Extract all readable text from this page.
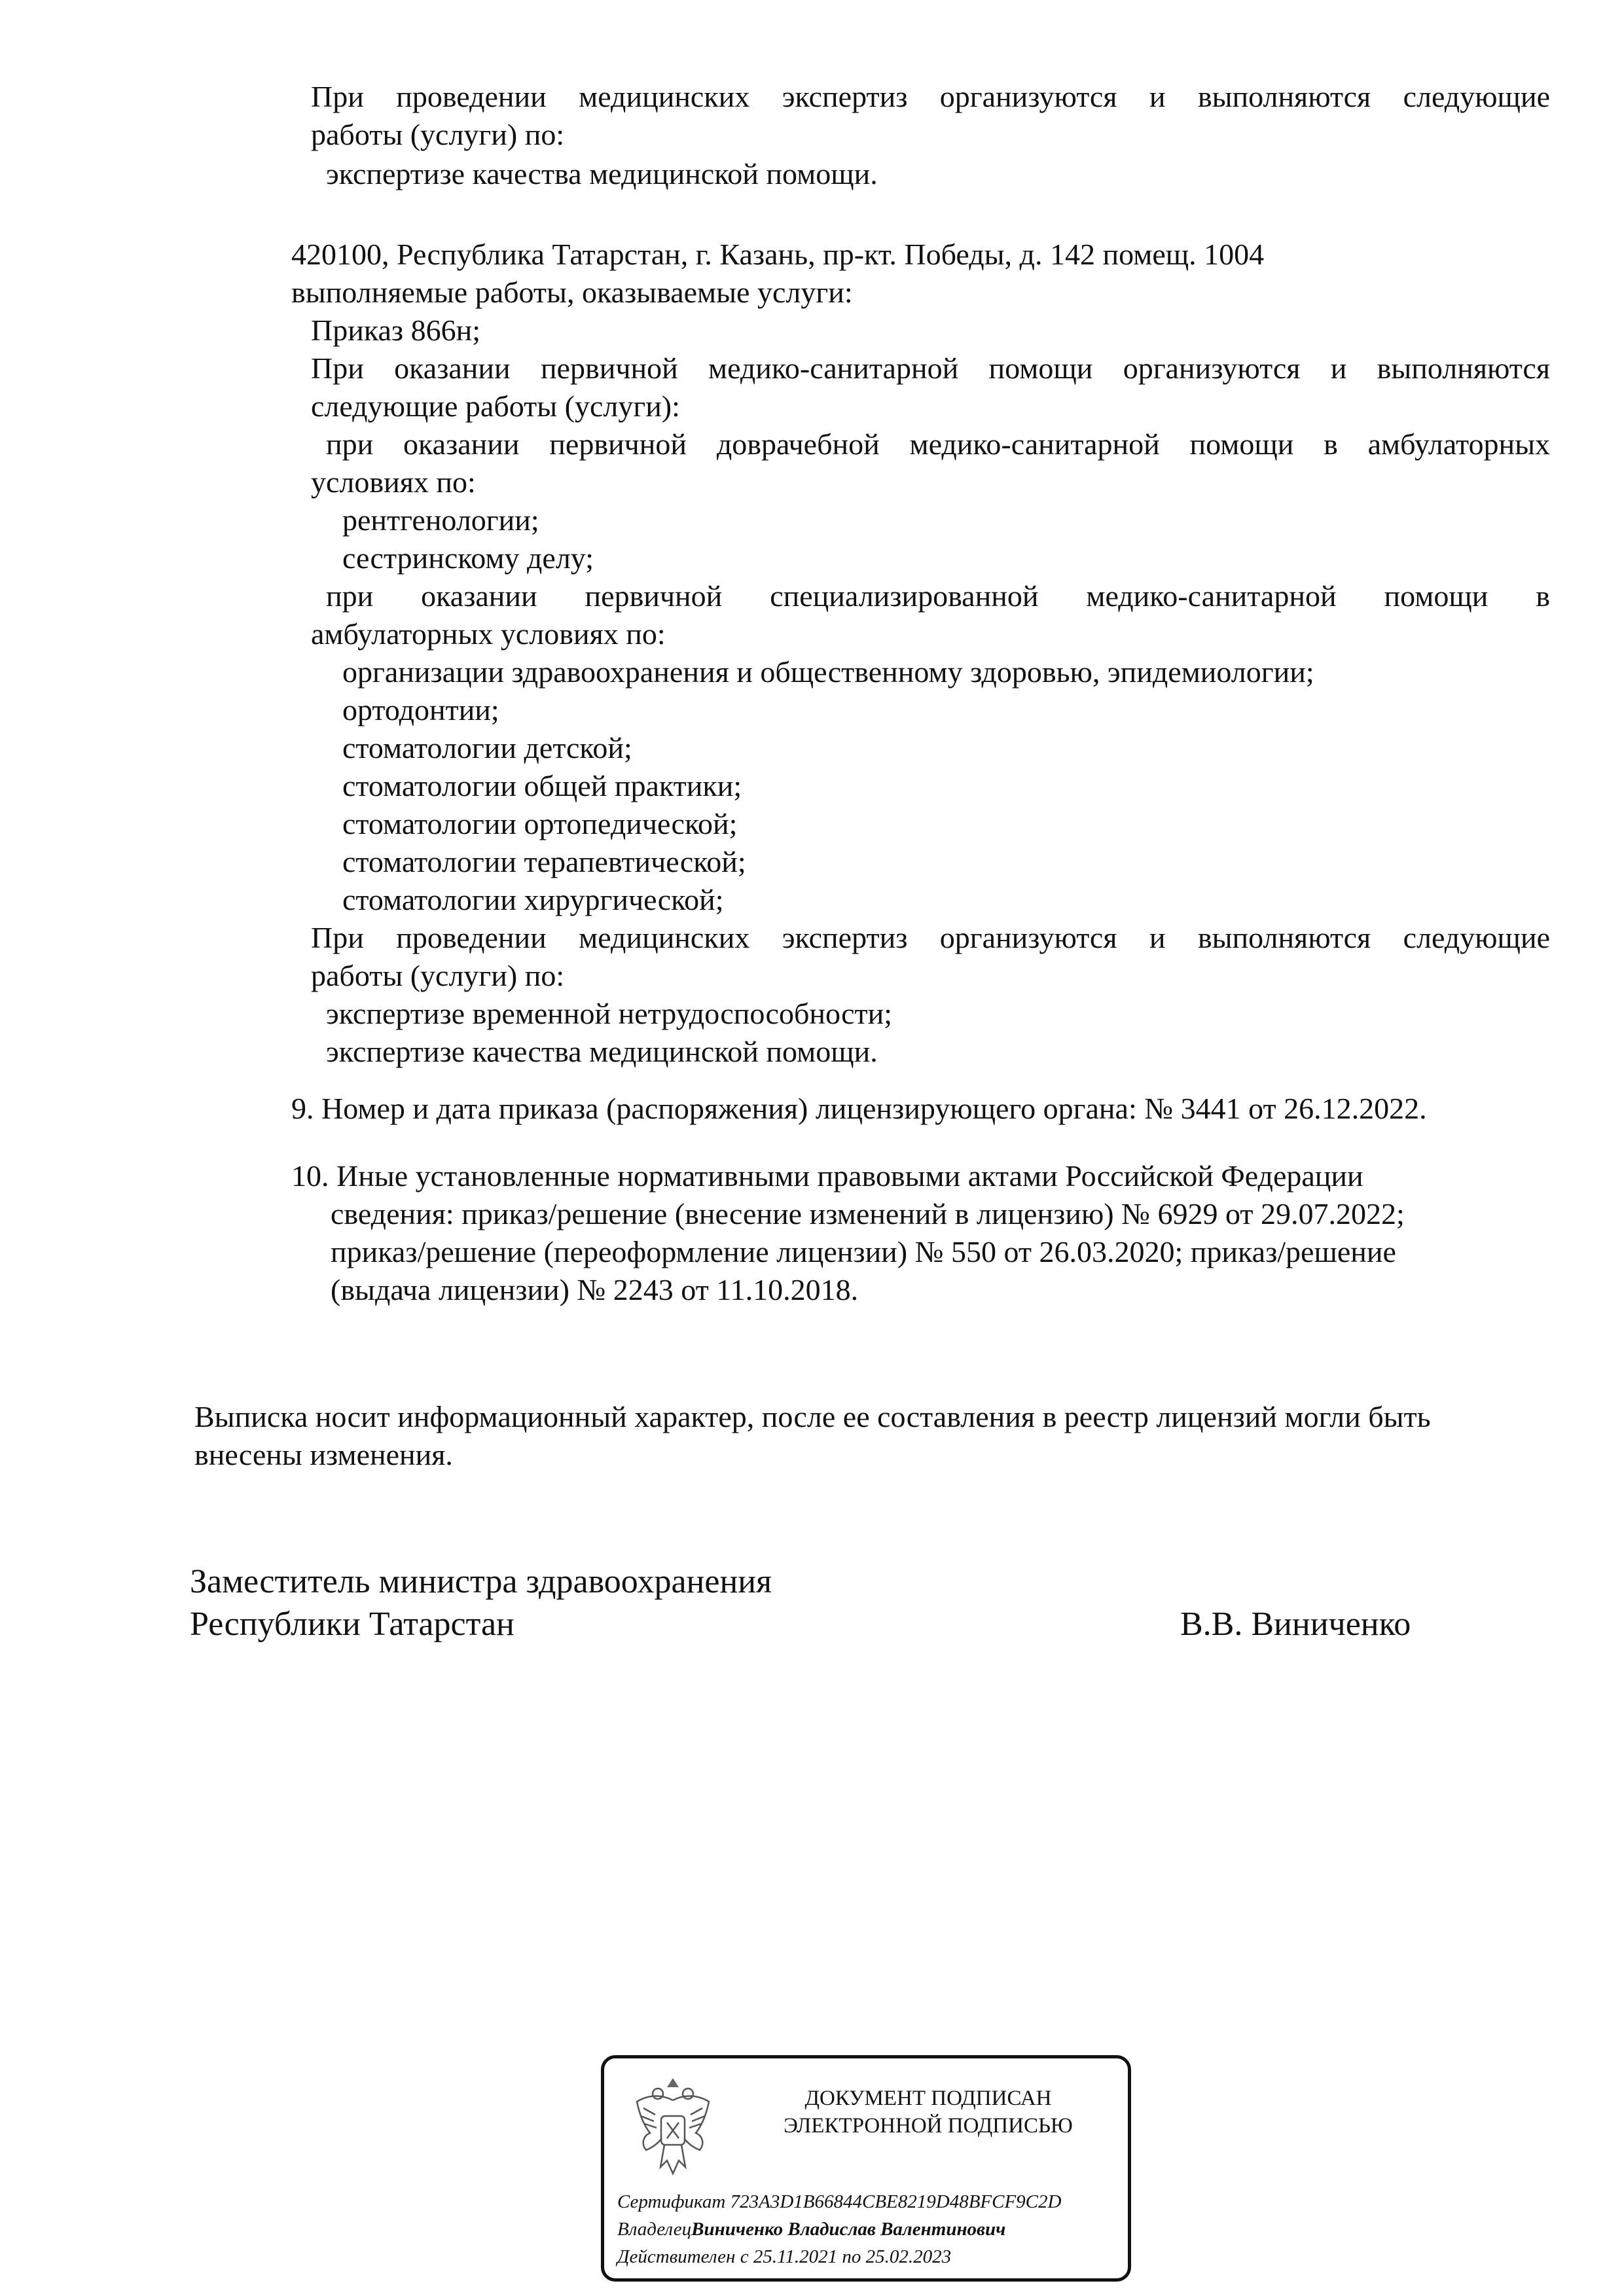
При проведении медицинских экспертиз организуются и выполняются следующие
работы (услуги) по:
экспертизе качества медицинской помощи.
420100, Республика Татарстан, г. Казань, пр-кт. Победы, д. 142 помещ. 1004
выполняемые работы, оказываемые услуги:
Приказ 866н;
При оказании первичной медико-санитарной помощи организуются и выполняются
следующие работы (услуги):
при оказании первичной доврачебной медико-санитарной помощи в амбулаторных
условиях по:
рентгенологии;
сестринскому делу;
при оказании первичной специализированной медико-санитарной помощи в
амбулаторных условиях по:
организации здравоохранения и общественному здоровью, эпидемиологии;
ортодонтии;
стоматологии детской;
стоматологии общей практики;
стоматологии ортопедической;
стоматологии терапевтической;
стоматологии хирургической;
При проведении медицинских экспертиз организуются и выполняются следующие
работы (услуги) по:
экспертизе временной нетрудоспособности;
экспертизе качества медицинской помощи.
9. Номер и дата приказа (распоряжения) лицензирующего органа: № 3441 от 26.12.2022.
10. Иные установленные нормативными правовыми актами Российской Федерации
сведения: приказ/решение (внесение изменений в лицензию) № 6929 от 29.07.2022;
приказ/решение (переоформление лицензии) № 550 от 26.03.2020; приказ/решение
(выдача лицензии) № 2243 от 11.10.2018.
Выписка носит информационный характер, после ее составления в реестр лицензий могли быть
внесены изменения.
Заместитель министра здравоохранения
Республики Татарстан	В.В. Виниченко
ДОКУМЕНТ ПОДПИСАН
ЭЛЕКТРОННОЙ ПОДПИСЬЮ
Сертификат 723A3D1B66844CBE8219D48BFCF9C2D
ВладелецВиниченко Владислав Валентинович
Действителен с 25.11.2021 по 25.02.2023
